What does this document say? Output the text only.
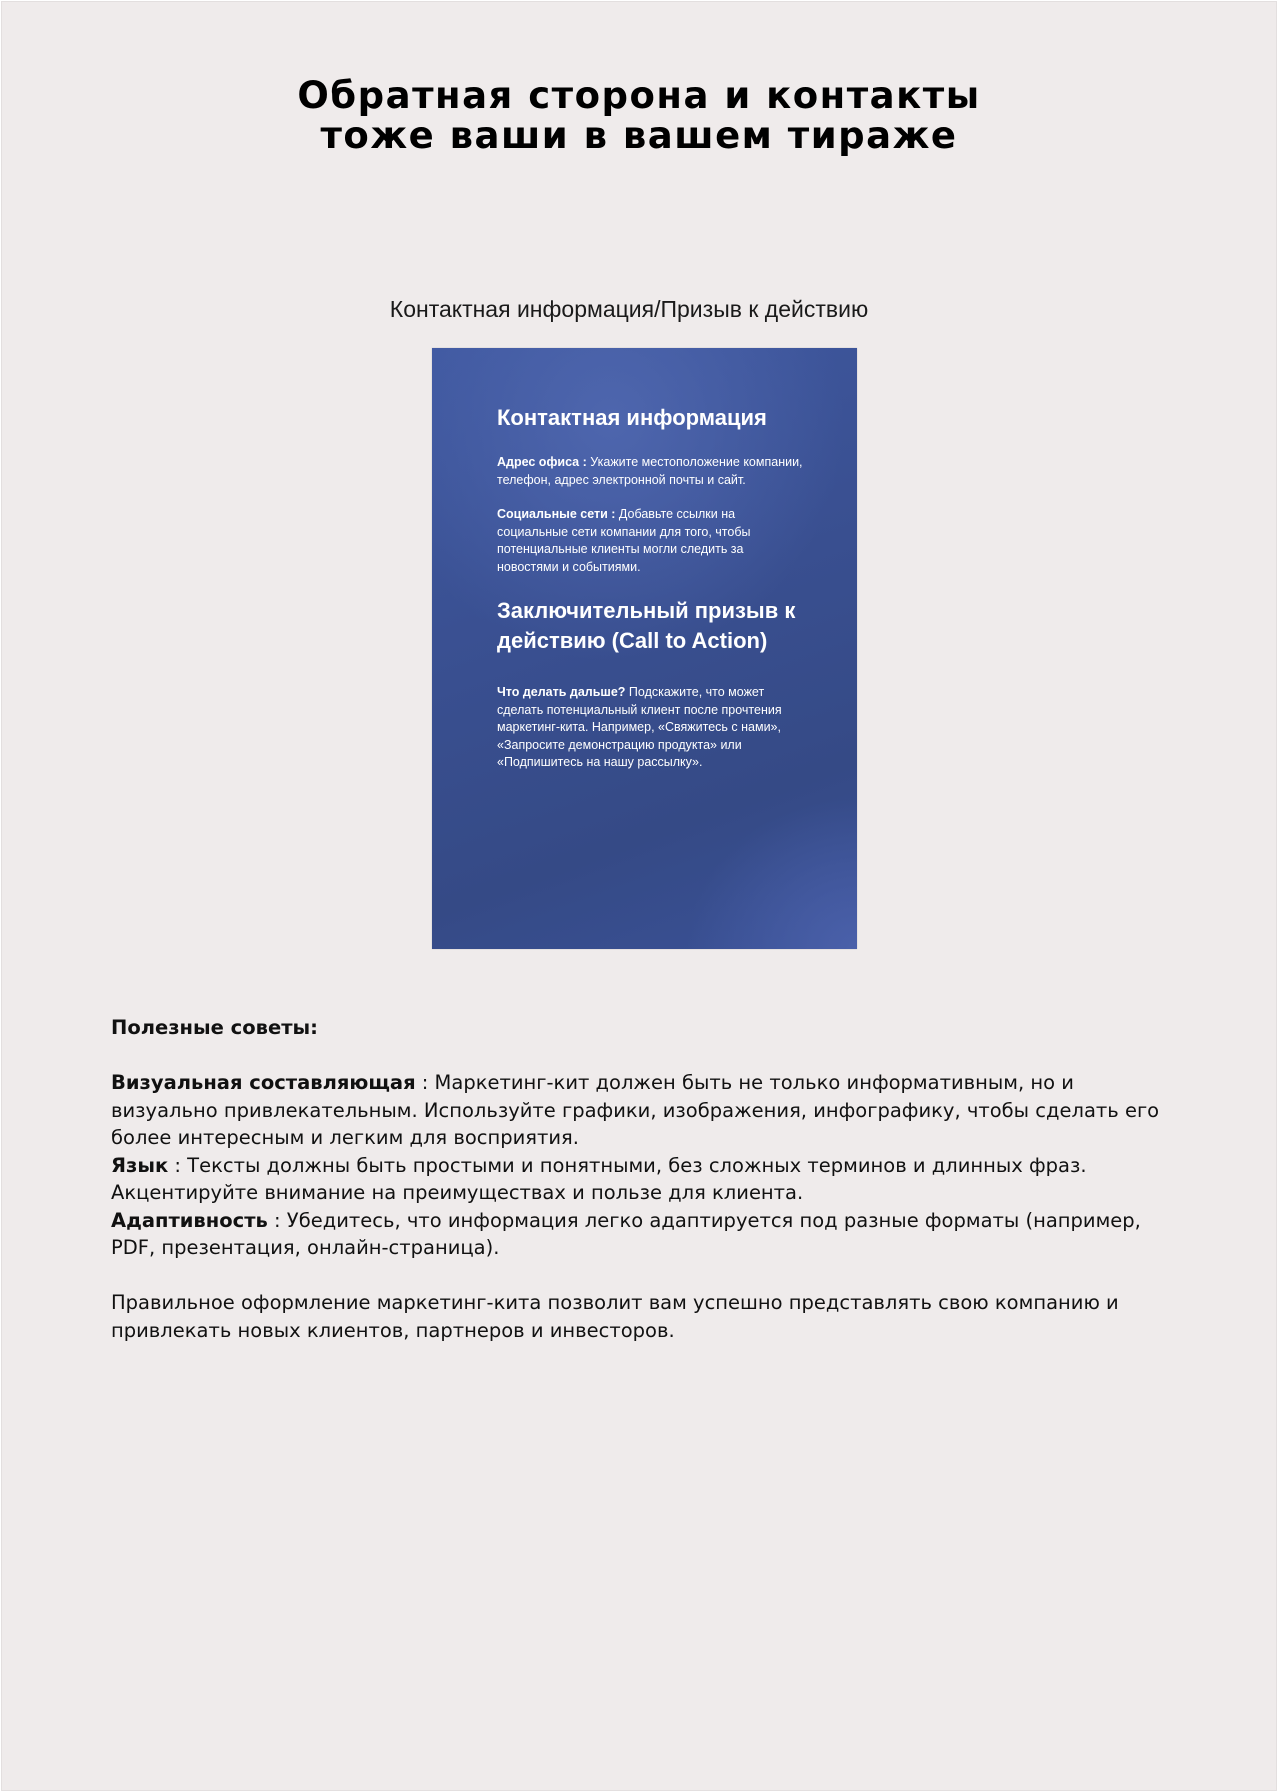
Обратная сторона и контакты
тоже ваши в вашем тираже
Контактная информация/Призыв к действию
Контактная информация

Адрес офиса : Укажите местоположение компании, телефон, адрес электронной почты и сайт.

Социальные сети : Добавьте ссылки на социальные сети компании для того, чтобы потенциальные клиенты могли следить за новостями и событиями.

Заключительный призыв к действию (Call to Action)

Что делать дальше? Подскажите, что может сделать потенциальный клиент после прочтения маркетинг-кита. Например, «Свяжитесь с нами», «Запросите демонстрацию продукта» или «Подпишитесь на нашу рассылку».

Полезные советы:

Визуальная составляющая : Маркетинг-кит должен быть не только информативным, но и визуально привлекательным. Используйте графики, изображения, инфографику, чтобы сделать его более интересным и легким для восприятия.

Язык : Тексты должны быть простыми и понятными, без сложных терминов и длинных фраз. Акцентируйте внимание на преимуществах и пользе для клиента.

Адаптивность : Убедитесь, что информация легко адаптируется под разные форматы (например, PDF, презентация, онлайн-страница).

Правильное оформление маркетинг-кита позволит вам успешно представлять свою компанию и привлекать новых клиентов, партнеров и инвесторов.
